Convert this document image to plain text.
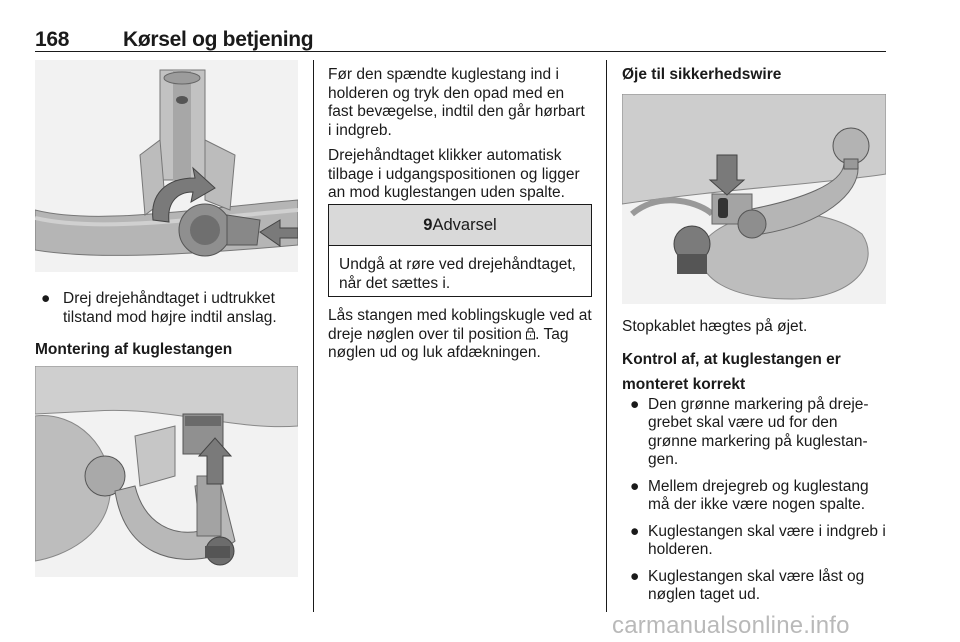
168	Kørsel og betjening
● Drej drejehåndtaget i udtrukket tilstand mod højre indtil anslag.

Montering af kuglestangen

Før den spændte kuglestang ind i holderen og tryk den opad med en fast bevægelse, indtil den går hørbart i indgreb.

Drejehåndtaget klikker automatisk tilbage i udgangspositionen og ligger an mod kuglestangen uden spalte.

9Advarsel
Undgå at røre ved drejehåndtaget, når det sættes i.

Lås stangen med koblingskugle ved at dreje nøglen over til position . Tag nøglen ud og luk afdækningen.

Øje til sikkerhedswire

Stopkablet hægtes på øjet.

Kontrol af, at kuglestangen er

monteret korrekt

● Den grønne markering på drejegrebet skal være ud for den grønne markering på kuglestangen.
● Mellem drejegreb og kuglestang må der ikke være nogen spalte.
● Kuglestangen skal være i indgreb i holderen.
● Kuglestangen skal være låst og nøglen taget ud.
carmanualsonline.info
